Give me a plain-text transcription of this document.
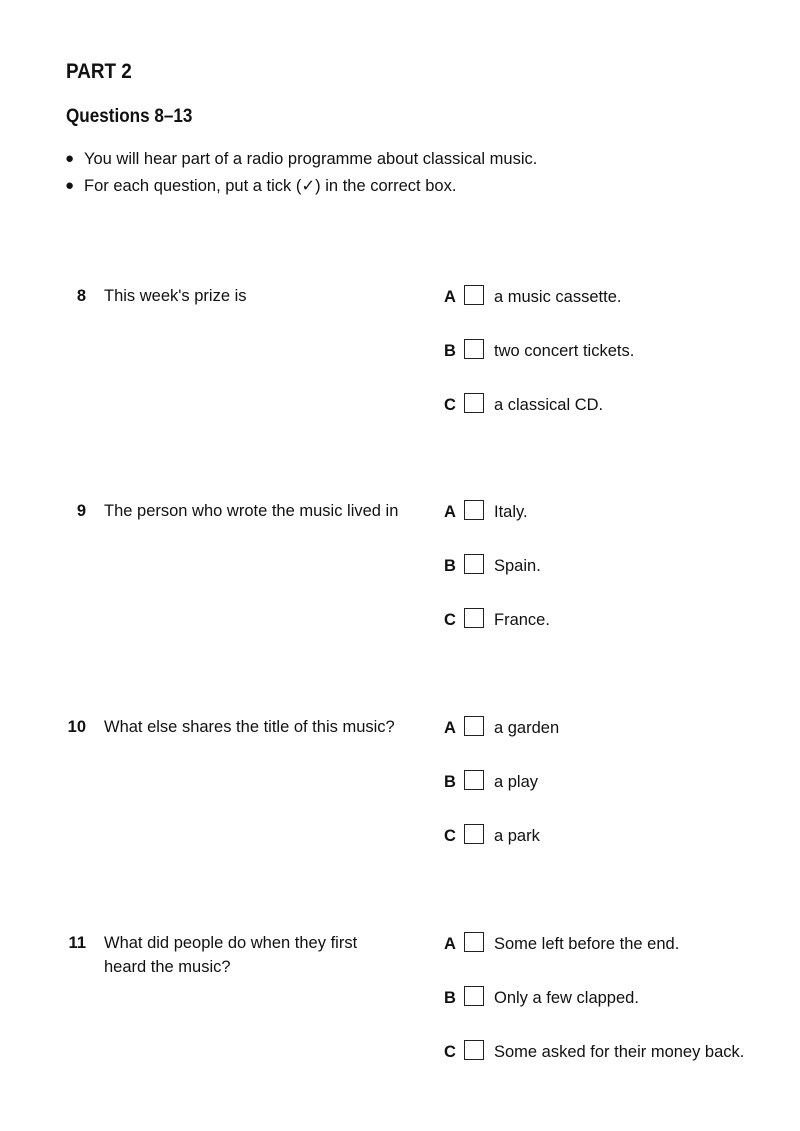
PART 2
Questions 8–13
● You will hear part of a radio programme about classical music.
● For each question, put a tick (✓) in the correct box.
8 This week's prize is	A a music cassette.
B two concert tickets.
C a classical CD.
9 The person who wrote the music lived in	A Italy.
B Spain.
C France.
10 What else shares the title of this music?	A a garden
B a play
C a park
11 What did people do when they first heard the music?
A Some left before the end.
B Only a few clapped.
C Some asked for their money back.
